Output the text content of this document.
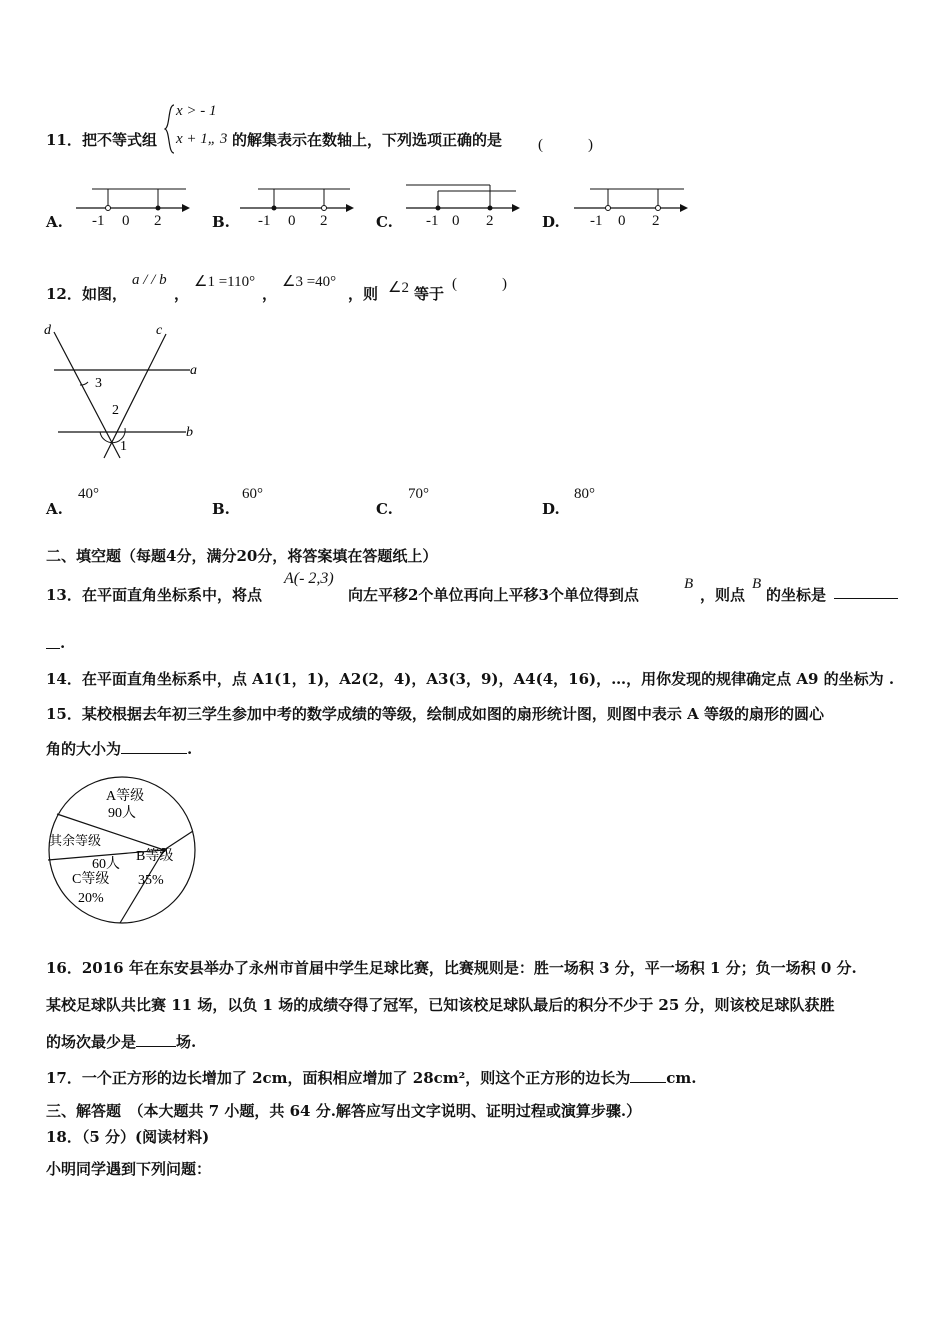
11． 把不等式组
x > - 1
x + 1„ 3 的解集表示在数轴上，下列选项正确的是 (　　　)
A. -1 0 2	B. -1 0 2	C. -1 0 2	D. -1 0 2
12． 如图，
a / / b
，
∠1 =110°
，
∠3 =40°
，则 ∠2 等于
(　　　)
d	c
a
b
3
2
1
A.
40°
B.
60°
C.
70°
D.
80°
二、填空题（每题4分，满分20分，将答案填在答题纸上）
13． 在平面直角坐标系中，将点
A(- 2,3)
向左平移2个单位再向上平移3个单位得到点
B
，则点
B
的坐标是
.
14．在平面直角坐标系中，点 A1(1，1)，A2(2，4)，A3(3，9)，A4(4，16)，…，用你发现的规律确定点 A9 的坐标为 .
15．某校根据去年初三学生参加中考的数学成绩的等级，绘制成如图的扇形统计图，则图中表示 A 等级的扇形的圆心
角的大小为	.
A等级
90人
其余等级
60人
B等级
35%
C等级
20%
16．2016 年在东安县举办了永州市首届中学生足球比赛，比赛规则是：胜一场积 3 分，平一场积 1 分；负一场积 0 分.
某校足球队共比赛 11 场，以负 1 场的成绩夺得了冠军，已知该校足球队最后的积分不少于 25 分，则该校足球队获胜
的场次最少是	场.
17．一个正方形的边长增加了 2cm，面积相应增加了 28cm²，则这个正方形的边长为 cm.
三、解答题　（本大题共 7 小题，共 64 分.解答应写出文字说明、证明过程或演算步骤.）
18．（5 分）(阅读材料)
小明同学遇到下列问题：
